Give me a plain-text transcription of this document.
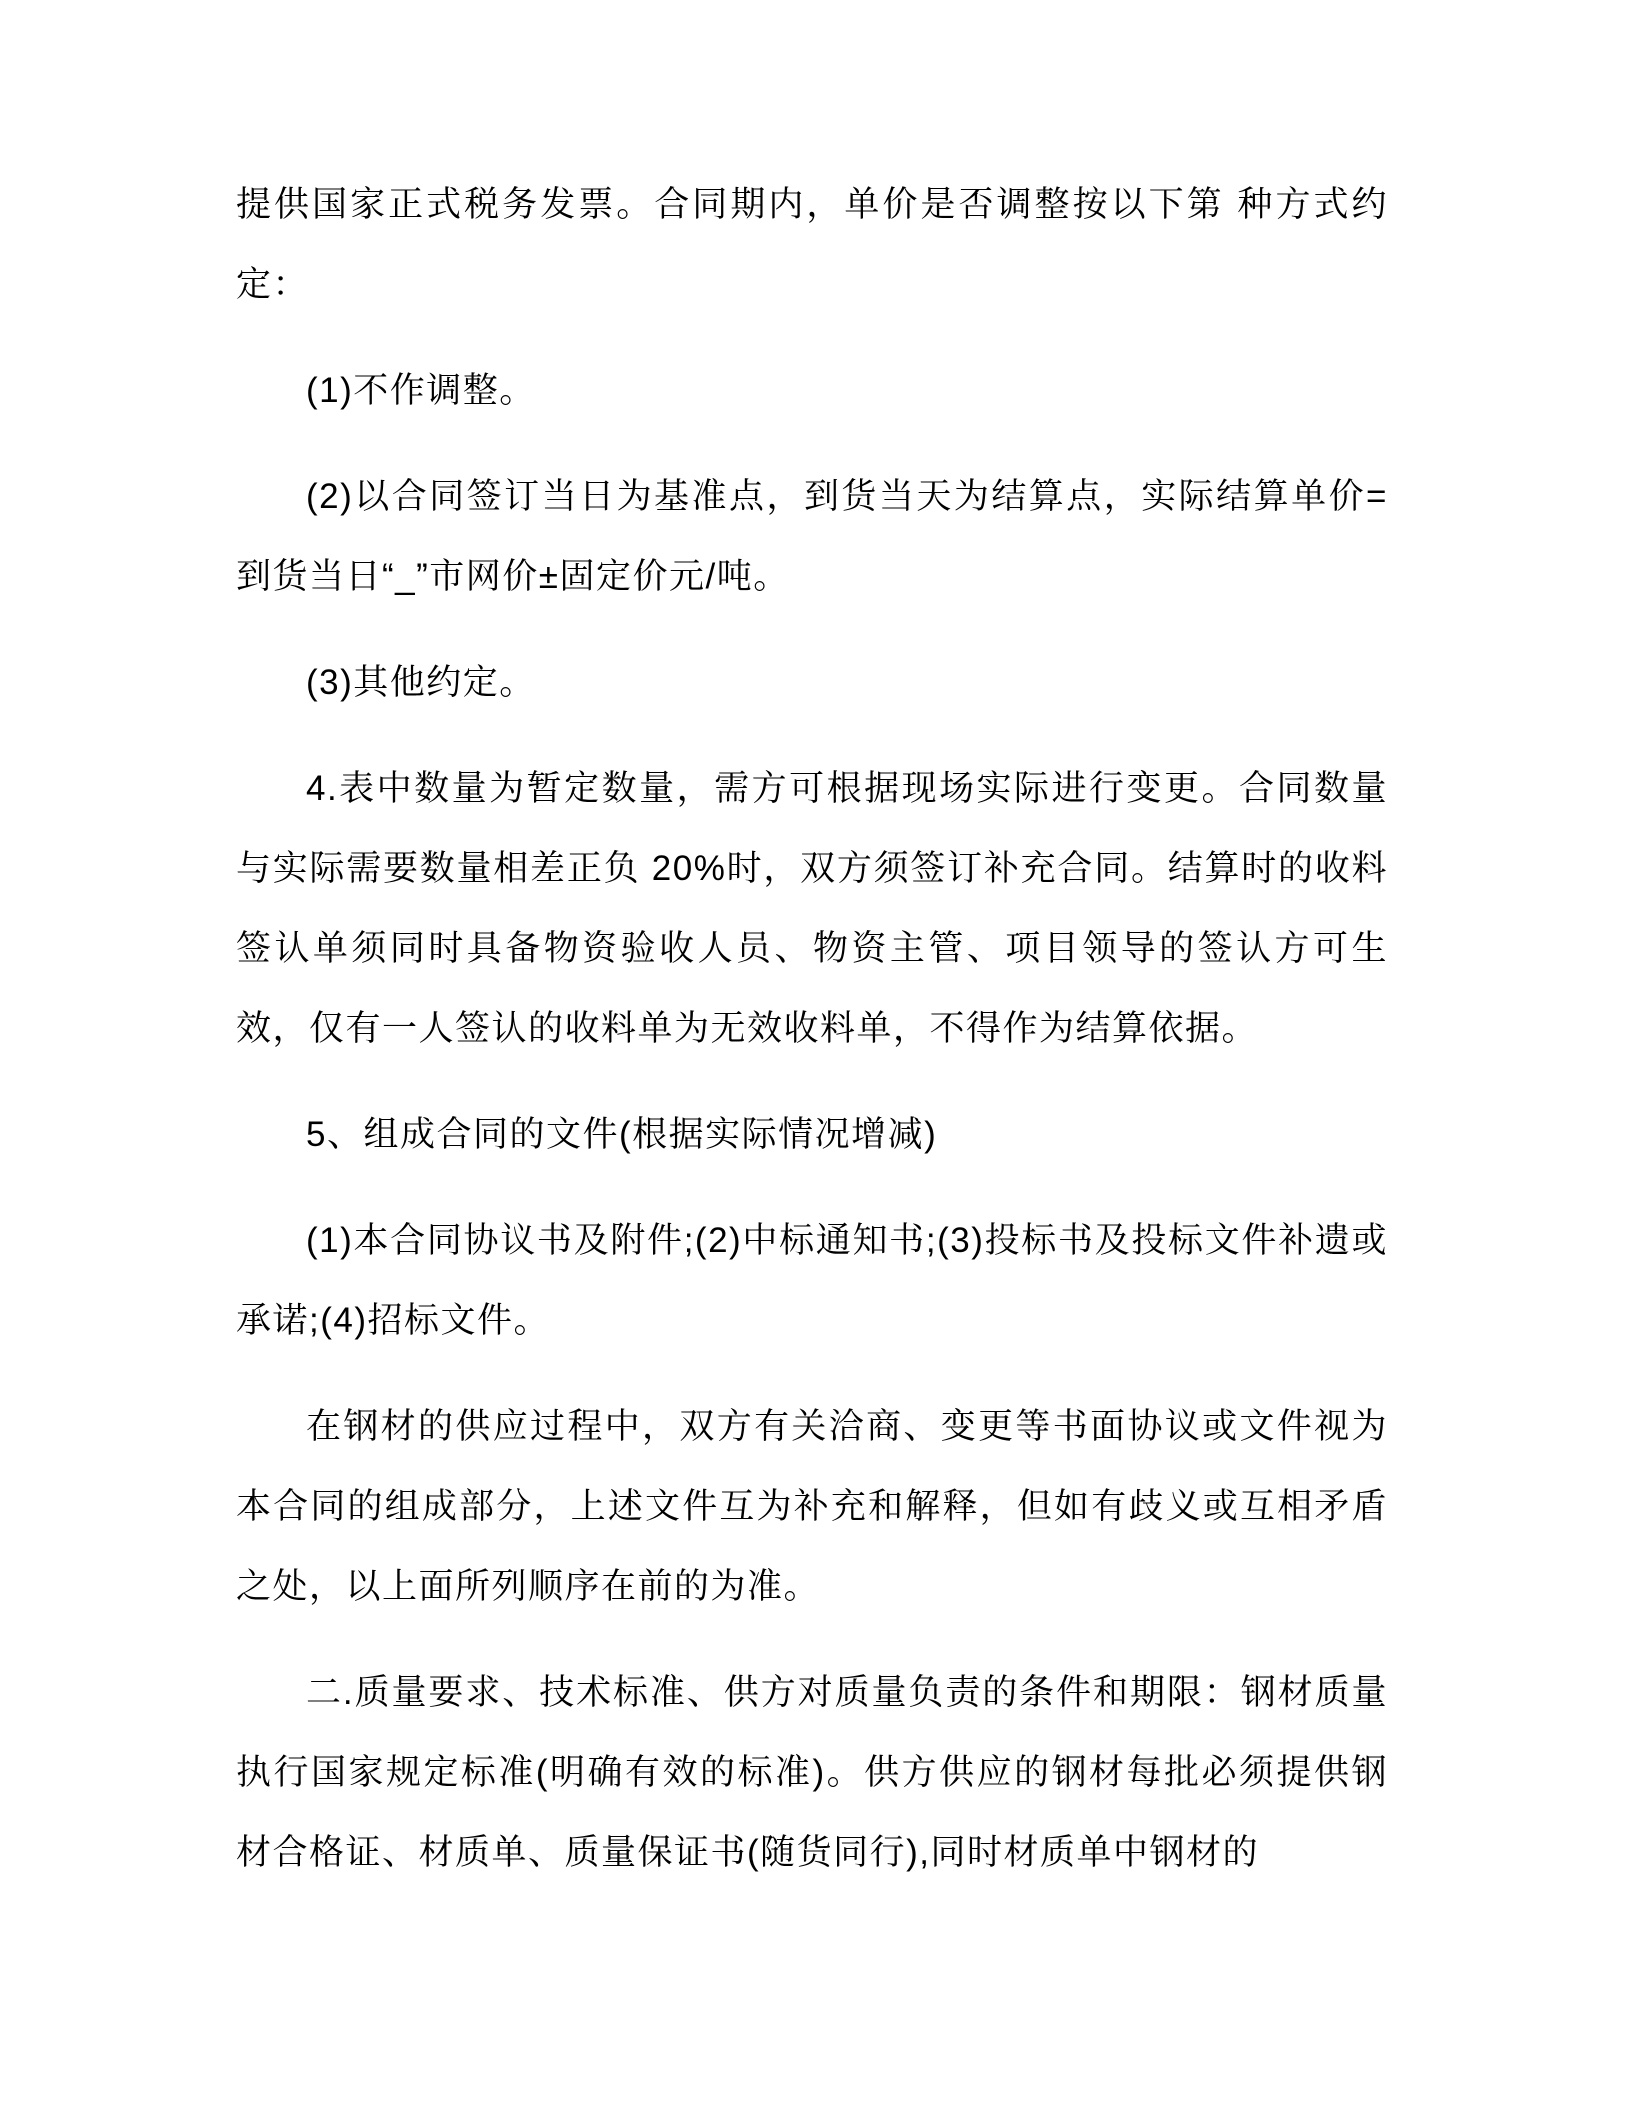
提供国家正式税务发票。合同期内，单价是否调整按以下第 种方式约定：

(1)不作调整。

(2)以合同签订当日为基准点，到货当天为结算点，实际结算单价=到货当日“_”市网价±固定价元/吨。

(3)其他约定。

4.表中数量为暂定数量，需方可根据现场实际进行变更。合同数量与实际需要数量相差正负 20%时，双方须签订补充合同。结算时的收料签认单须同时具备物资验收人员、物资主管、项目领导的签认方可生效，仅有一人签认的收料单为无效收料单，不得作为结算依据。

5、组成合同的文件(根据实际情况增减)

(1)本合同协议书及附件;(2)中标通知书;(3)投标书及投标文件补遗或承诺;(4)招标文件。

在钢材的供应过程中，双方有关洽商、变更等书面协议或文件视为本合同的组成部分，上述文件互为补充和解释，但如有歧义或互相矛盾之处，以上面所列顺序在前的为准。

二.质量要求、技术标准、供方对质量负责的条件和期限：钢材质量执行国家规定标准(明确有效的标准)。供方供应的钢材每批必须提供钢材合格证、材质单、质量保证书(随货同行),同时材质单中钢材的
